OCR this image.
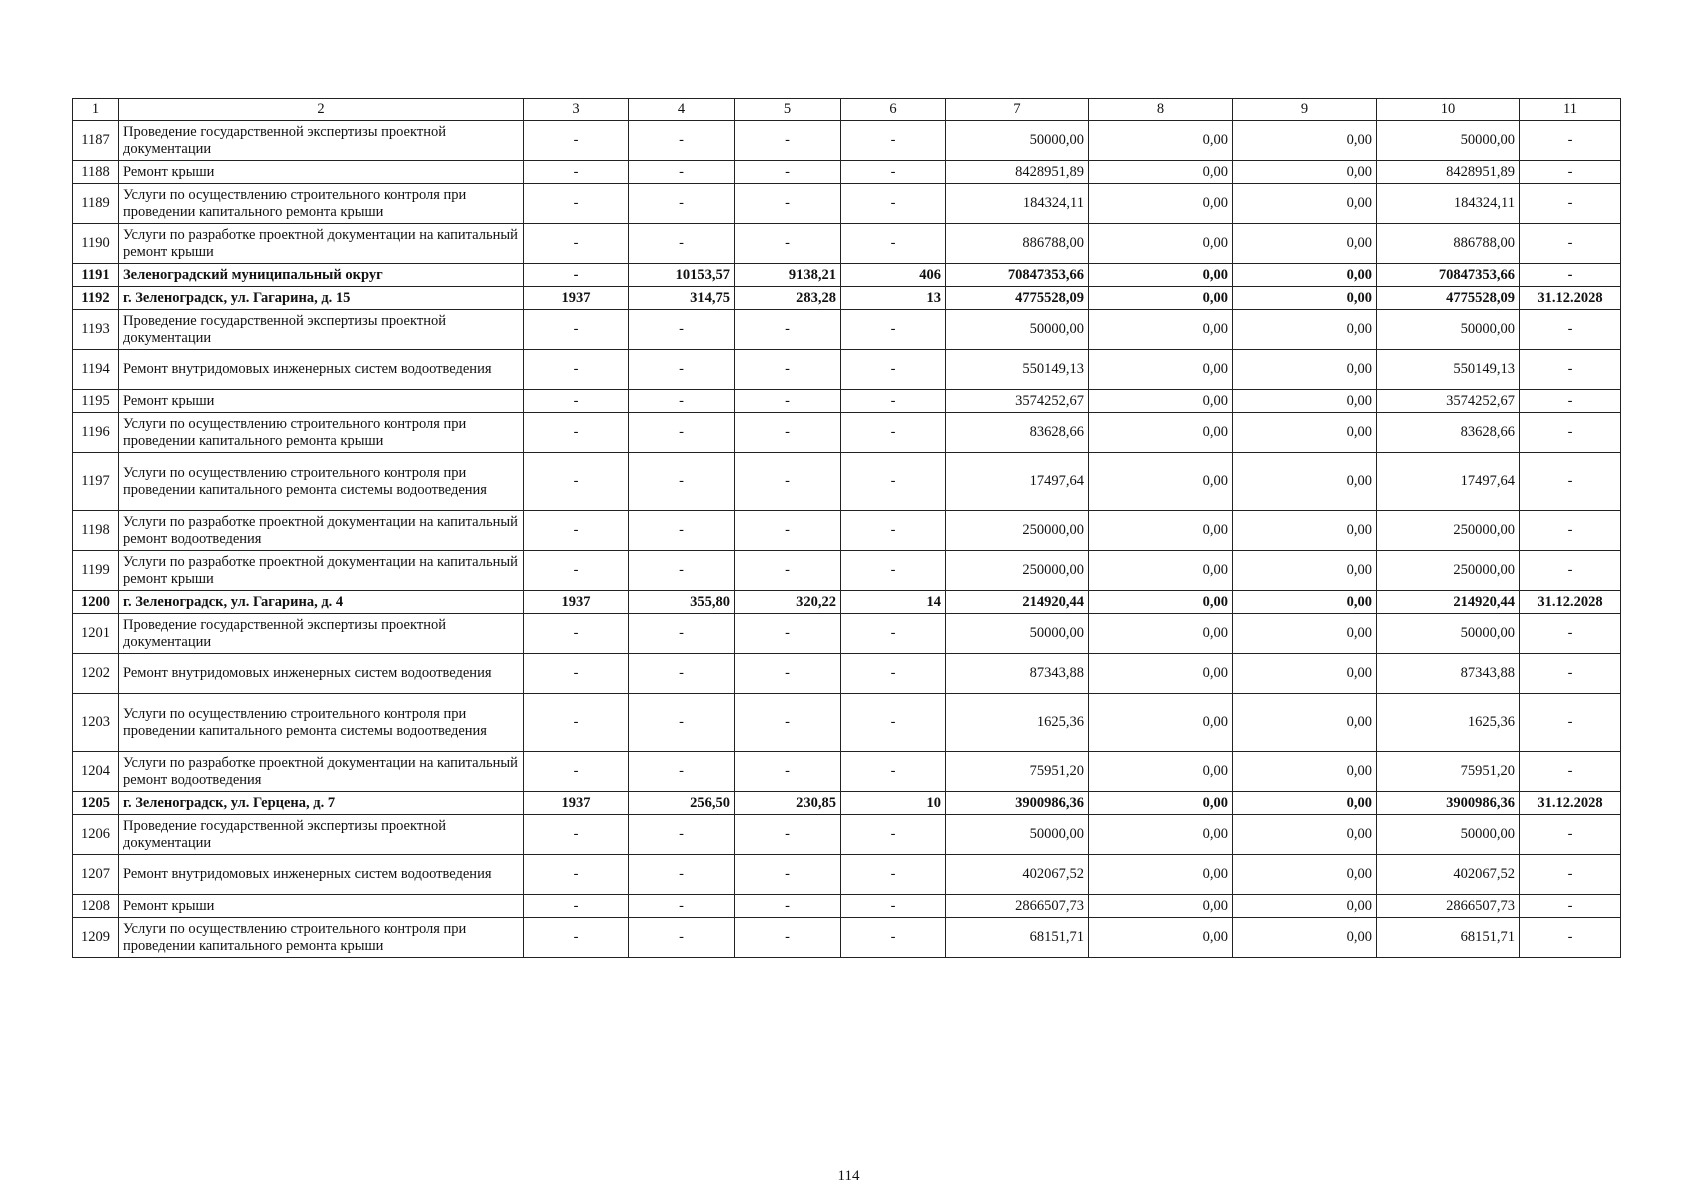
1	2	3	4	5	6	7	8	9	10	11
1187	Проведение государственной экспертизы проектной документации	-	-	-	-	50000,00	0,00	0,00	50000,00	-
1188	Ремонт крыши	-	-	-	-	8428951,89	0,00	0,00	8428951,89	-
1189	Услуги по осуществлению строительного контроля при проведении капитального ремонта крыши	-	-	-	-	184324,11	0,00	0,00	184324,11	-
1190	Услуги по разработке проектной документации на капитальный ремонт крыши	-	-	-	-	886788,00	0,00	0,00	886788,00	-
1191	Зеленоградский муниципальный округ	-	10153,57	9138,21	406	70847353,66	0,00	0,00	70847353,66	-
1192	г. Зеленоградск, ул. Гагарина, д. 15	1937	314,75	283,28	13	4775528,09	0,00	0,00	4775528,09	31.12.2028
1193	Проведение государственной экспертизы проектной документации	-	-	-	-	50000,00	0,00	0,00	50000,00	-
1194	Ремонт внутридомовых инженерных систем водоотведения	-	-	-	-	550149,13	0,00	0,00	550149,13	-
1195	Ремонт крыши	-	-	-	-	3574252,67	0,00	0,00	3574252,67	-
1196	Услуги по осуществлению строительного контроля при проведении капитального ремонта крыши	-	-	-	-	83628,66	0,00	0,00	83628,66	-
1197	Услуги по осуществлению строительного контроля при проведении капитального ремонта системы водоотведения	-	-	-	-	17497,64	0,00	0,00	17497,64	-
1198	Услуги по разработке проектной документации на капитальный ремонт водоотведения	-	-	-	-	250000,00	0,00	0,00	250000,00	-
1199	Услуги по разработке проектной документации на капитальный ремонт крыши	-	-	-	-	250000,00	0,00	0,00	250000,00	-
1200	г. Зеленоградск, ул. Гагарина, д. 4	1937	355,80	320,22	14	214920,44	0,00	0,00	214920,44	31.12.2028
1201	Проведение государственной экспертизы проектной документации	-	-	-	-	50000,00	0,00	0,00	50000,00	-
1202	Ремонт внутридомовых инженерных систем водоотведения	-	-	-	-	87343,88	0,00	0,00	87343,88	-
1203	Услуги по осуществлению строительного контроля при проведении капитального ремонта системы водоотведения	-	-	-	-	1625,36	0,00	0,00	1625,36	-
1204	Услуги по разработке проектной документации на капитальный ремонт водоотведения	-	-	-	-	75951,20	0,00	0,00	75951,20	-
1205	г. Зеленоградск, ул. Герцена, д. 7	1937	256,50	230,85	10	3900986,36	0,00	0,00	3900986,36	31.12.2028
1206	Проведение государственной экспертизы проектной документации	-	-	-	-	50000,00	0,00	0,00	50000,00	-
1207	Ремонт внутридомовых инженерных систем водоотведения	-	-	-	-	402067,52	0,00	0,00	402067,52	-
1208	Ремонт крыши	-	-	-	-	2866507,73	0,00	0,00	2866507,73	-
1209	Услуги по осуществлению строительного контроля при проведении капитального ремонта крыши	-	-	-	-	68151,71	0,00	0,00	68151,71	-
114
